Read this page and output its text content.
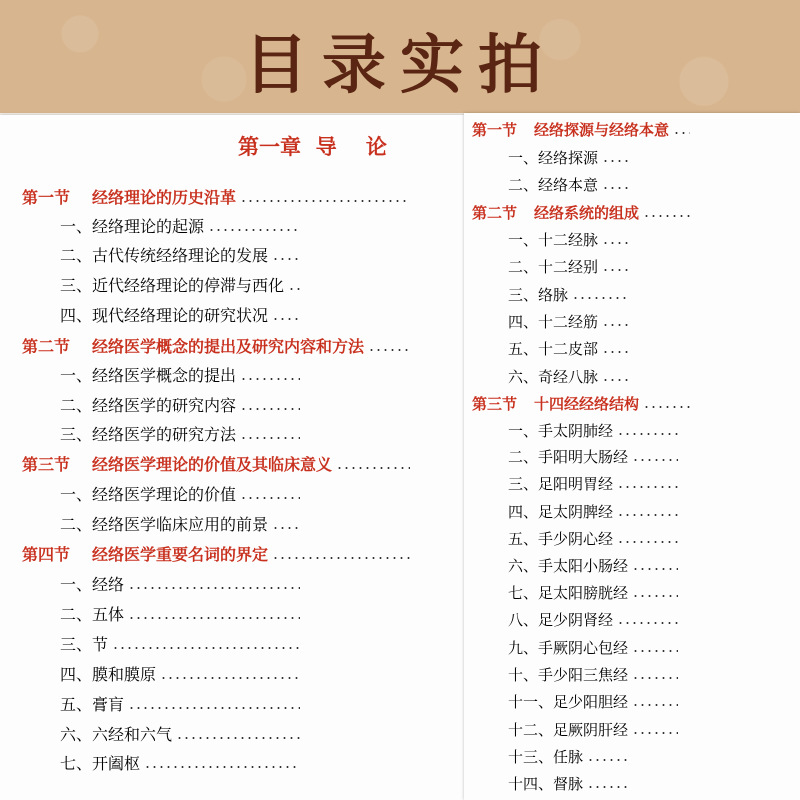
目录实拍
第一章  导    论
第一节	经络理论的历史沿革
一、经络理论的起源
二、古代传统经络理论的发展
三、近代经络理论的停滞与西化
四、现代经络理论的研究状况
第二节	经络医学概念的提出及研究内容和方法
一、经络医学概念的提出
二、经络医学的研究内容
三、经络医学的研究方法
第三节	经络医学理论的价值及其临床意义
一、经络医学理论的价值
二、经络医学临床应用的前景
第四节	经络医学重要名词的界定
一、经络
二、五体
三、节
四、膜和膜原
五、膏肓
六、六经和六气
七、开阖枢
第一节	经络探源与经络本意
一、经络探源
二、经络本意
第二节	经络系统的组成
一、十二经脉
二、十二经别
三、络脉
四、十二经筋
五、十二皮部
六、奇经八脉
第三节	十四经经络结构
一、手太阴肺经
二、手阳明大肠经
三、足阳明胃经
四、足太阴脾经
五、手少阴心经
六、手太阳小肠经
七、足太阳膀胱经
八、足少阴肾经
九、手厥阴心包经
十、手少阳三焦经
十一、足少阳胆经
十二、足厥阴肝经
十三、任脉
十四、督脉
